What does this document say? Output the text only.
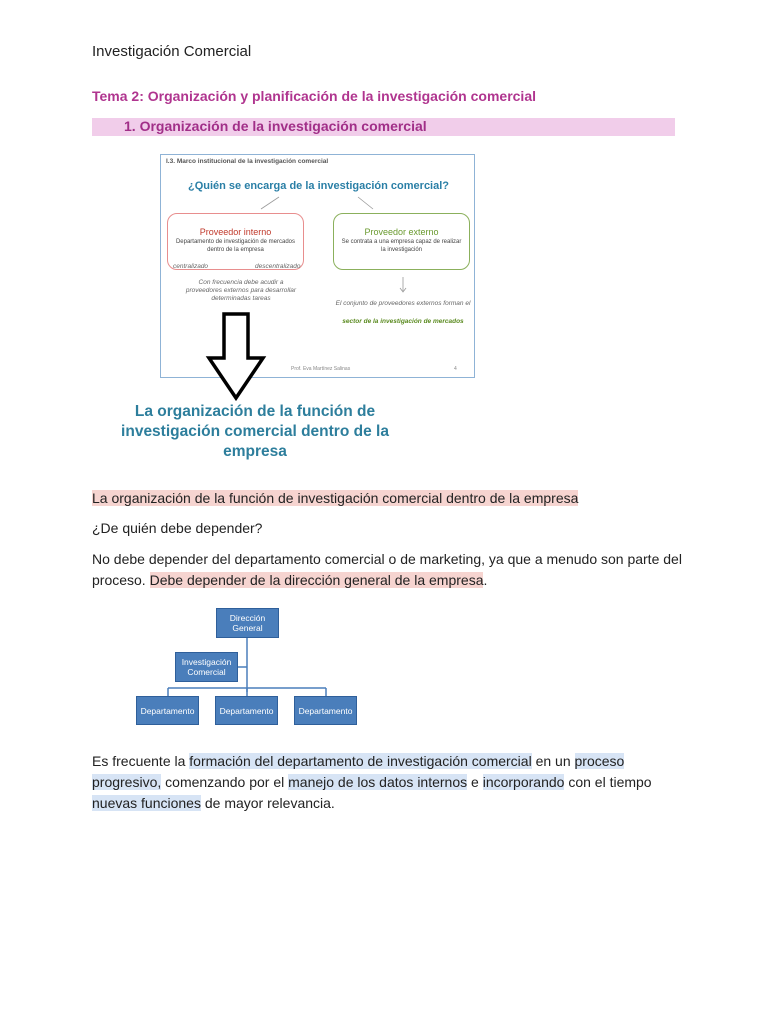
Investigación Comercial
Tema 2: Organización y planificación de la investigación comercial
1. Organización de la investigación comercial
I.3. Marco institucional de la investigación comercial
¿Quién se encarga de la investigación comercial?
Proveedor interno
Departamento de investigación de mercados dentro de la empresa
centralizado	descentralizado
Proveedor externo
Se contrata a una empresa capaz de realizar la investigación
Con frecuencia debe acudir a proveedores externos para desarrollar determinadas tareas
El conjunto de proveedores externos forman el
sector de la investigación de mercados
Prof. Eva Martínez Salinas	4
La organización de la función de investigación comercial dentro de la empresa
La organización de la función de investigación comercial dentro de la empresa
¿De quién debe depender?
No debe depender del departamento comercial o de marketing, ya que a menudo son parte del proceso. Debe depender de la dirección general de la empresa.
Dirección General
Investigación Comercial
Departamento	Departamento	Departamento
Es frecuente la formación del departamento de investigación comercial en un proceso progresivo, comenzando por el manejo de los datos internos e incorporando con el tiempo nuevas funciones de mayor relevancia.
